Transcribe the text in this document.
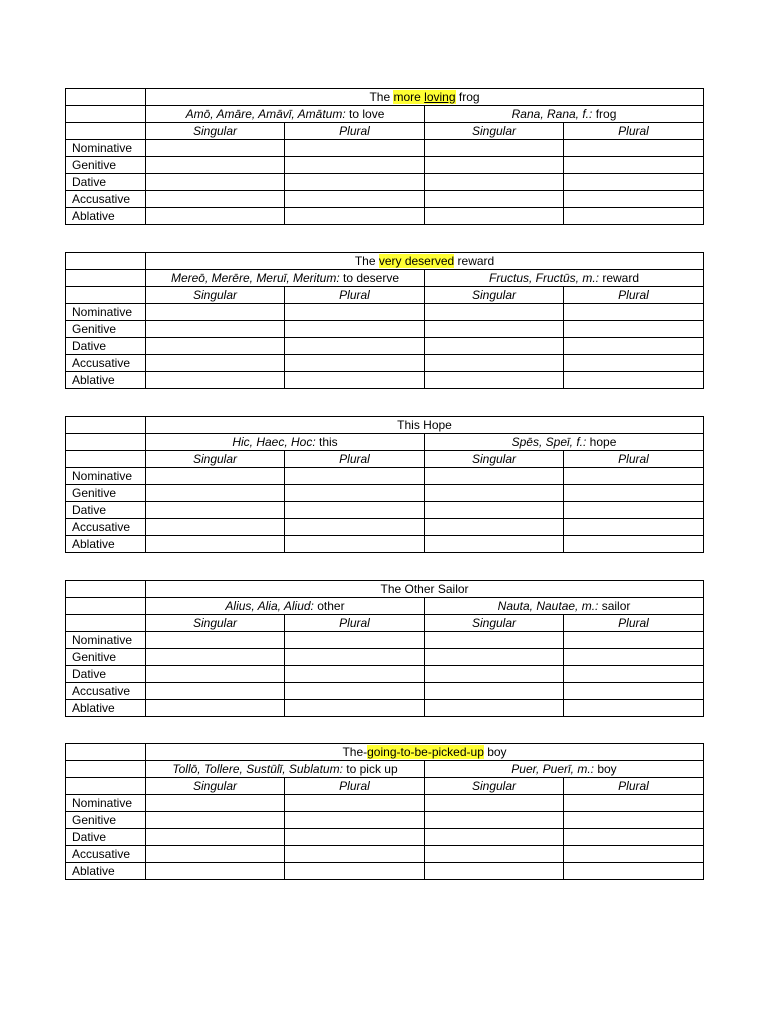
	The more loving frog			
	Amō, Amāre, Amāvī, Amātum: to love		Rana, Rana, f.: frog	
	Singular	Plural	Singular	Plural
Nominative				
Genitive				
Dative				
Accusative				
Ablative				
	The very deserved reward			
	Mereō, Merēre, Meruī, Meritum: to deserve		Fructus, Fructūs, m.: reward	
	Singular	Plural	Singular	Plural
Nominative				
Genitive				
Dative				
Accusative				
Ablative				
	This Hope			
	Hic, Haec, Hoc: this		Spēs, Speī, f.: hope	
	Singular	Plural	Singular	Plural
Nominative				
Genitive				
Dative				
Accusative				
Ablative				
	The Other Sailor			
	Alius, Alia, Aliud: other		Nauta, Nautae, m.: sailor	
	Singular	Plural	Singular	Plural
Nominative				
Genitive				
Dative				
Accusative				
Ablative				
	The-going-to-be-picked-up boy			
	Tollō, Tollere, Sustūlī, Sublatum: to pick up		Puer, Puerī, m.: boy	
	Singular	Plural	Singular	Plural
Nominative				
Genitive				
Dative				
Accusative				
Ablative				
